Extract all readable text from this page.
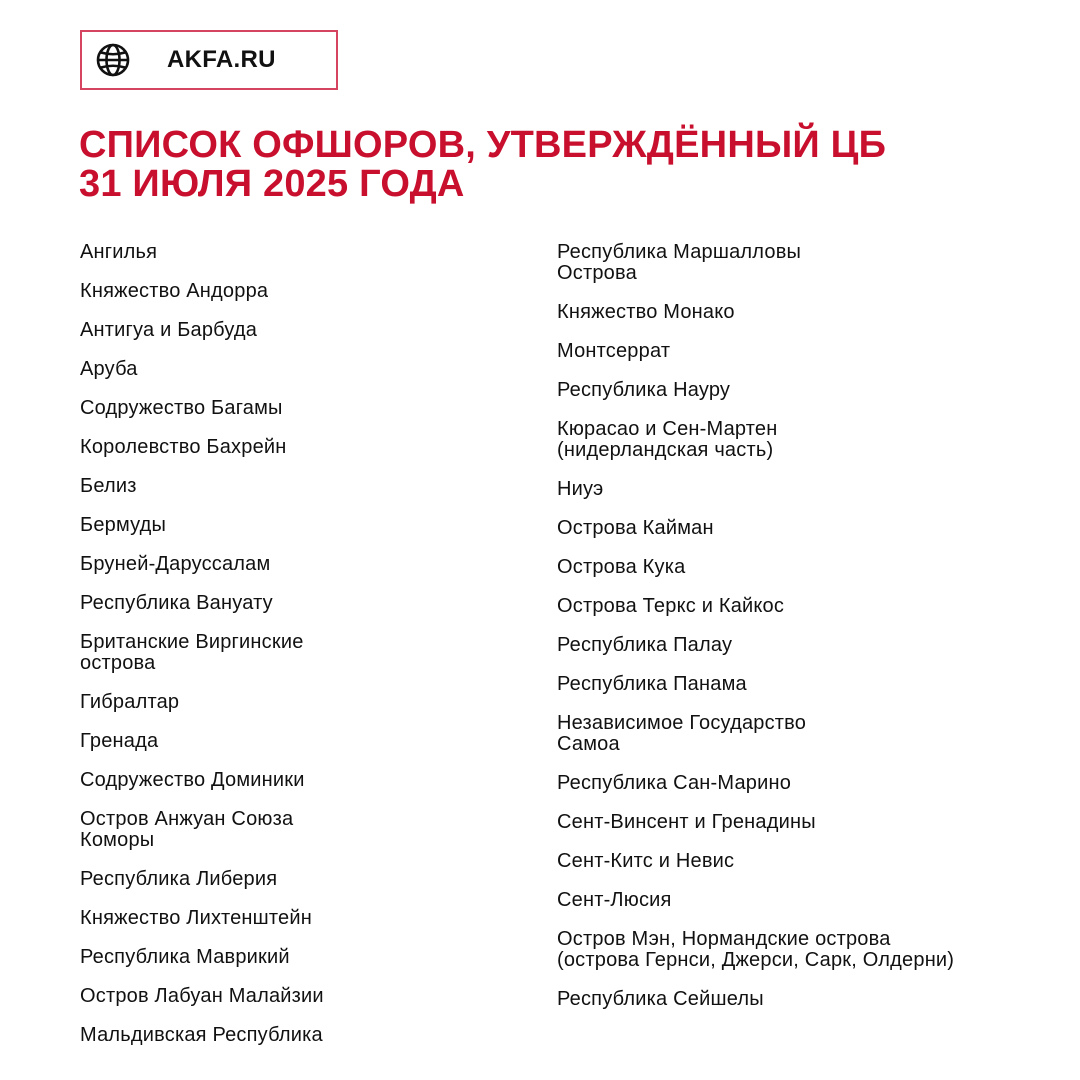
AKFA.RU
СПИСОК ОФШОРОВ, УТВЕРЖДЁННЫЙ ЦБ
31 ИЮЛЯ 2025 ГОДА
Ангилья
Княжество Андорра
Антигуа и Барбуда
Аруба
Содружество Багамы
Королевство Бахрейн
Белиз
Бермуды
Бруней-Даруссалам
Республика Вануату
Британские Виргинские
острова
Гибралтар
Гренада
Содружество Доминики
Остров Анжуан Союза
Коморы
Республика Либерия
Княжество Лихтенштейн
Республика Маврикий
Остров Лабуан Малайзии
Мальдивская Республика
Республика Маршалловы
Острова
Княжество Монако
Монтсеррат
Республика Науру
Кюрасао и Сен-Мартен
(нидерландская часть)
Ниуэ
Острова Кайман
Острова Кука
Острова Теркс и Кайкос
Республика Палау
Республика Панама
Независимое Государство
Самоа
Республика Сан-Марино
Сент-Винсент и Гренадины
Сент-Китс и Невис
Сент-Люсия
Остров Мэн, Нормандские острова
(острова Гернси, Джерси, Сарк, Олдерни)
Республика Сейшелы
